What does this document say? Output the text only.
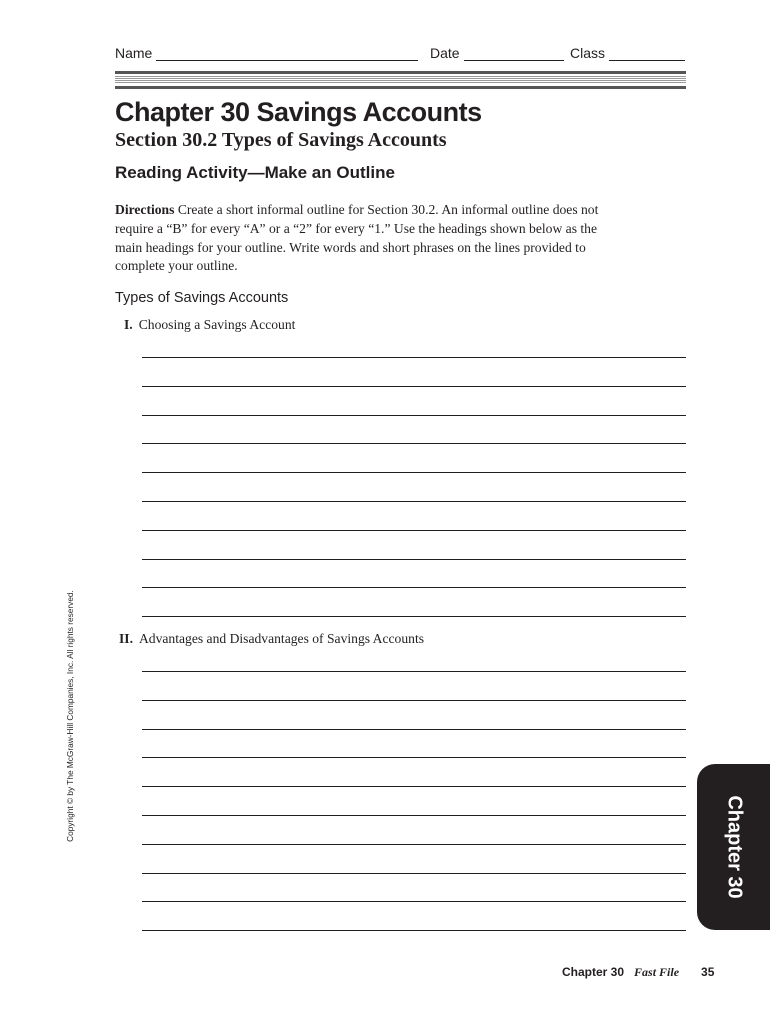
Name	Date	Class
Chapter 30 Savings Accounts
Section 30.2 Types of Savings Accounts
Reading Activity—Make an Outline
Directions Create a short informal outline for Section 30.2. An informal outline does not require a “B” for every “A” or a “2” for every “1.” Use the headings shown below as the main headings for your outline. Write words and short phrases on the lines provided to complete your outline.
Types of Savings Accounts
I. Choosing a Savings Account
II. Advantages and Disadvantages of Savings Accounts
Copyright © by The McGraw-Hill Companies, Inc. All rights reserved.
Chapter 30
Chapter 30 Fast File 35
